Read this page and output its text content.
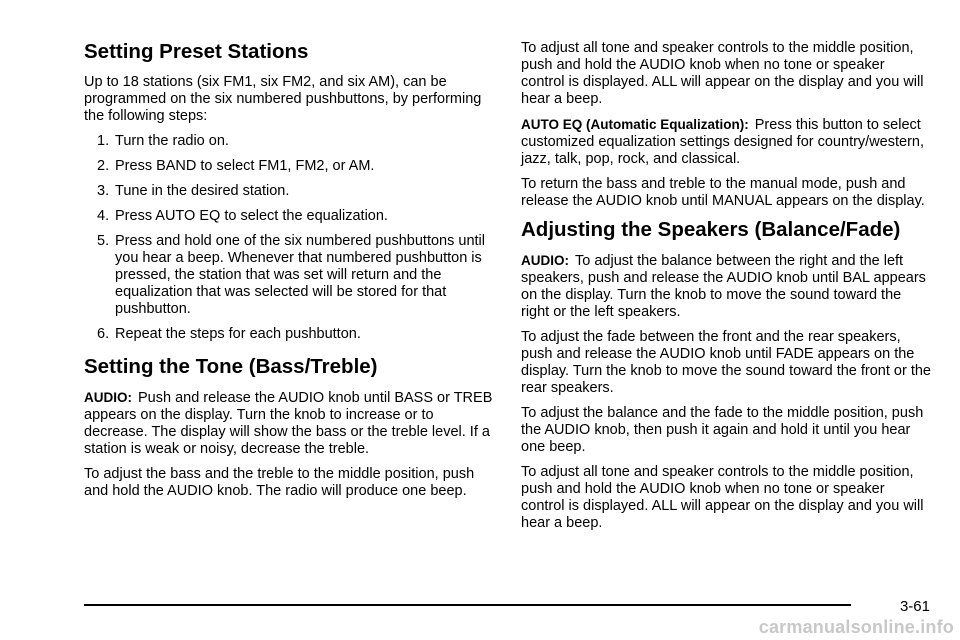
Setting Preset Stations

Up to 18 stations (six FM1, six FM2, and six AM), can be programmed on the six numbered pushbuttons, by performing the following steps:

1. Turn the radio on.
2. Press BAND to select FM1, FM2, or AM.
3. Tune in the desired station.
4. Press AUTO EQ to select the equalization.
5. Press and hold one of the six numbered pushbuttons until you hear a beep. Whenever that numbered pushbutton is pressed, the station that was set will return and the equalization that was selected will be stored for that pushbutton.
6. Repeat the steps for each pushbutton.
Setting the Tone (Bass/Treble)

AUDIO: Push and release the AUDIO knob until BASS or TREB appears on the display. Turn the knob to increase or to decrease. The display will show the bass or the treble level. If a station is weak or noisy, decrease the treble.

To adjust the bass and the treble to the middle position, push and hold the AUDIO knob. The radio will produce one beep.

To adjust all tone and speaker controls to the middle position, push and hold the AUDIO knob when no tone or speaker control is displayed. ALL will appear on the display and you will hear a beep.

AUTO EQ (Automatic Equalization): Press this button to select customized equalization settings designed for country/western, jazz, talk, pop, rock, and classical.

To return the bass and treble to the manual mode, push and release the AUDIO knob until MANUAL appears on the display.

Adjusting the Speakers (Balance/Fade)

AUDIO: To adjust the balance between the right and the left speakers, push and release the AUDIO knob until BAL appears on the display. Turn the knob to move the sound toward the right or the left speakers.

To adjust the fade between the front and the rear speakers, push and release the AUDIO knob until FADE appears on the display. Turn the knob to move the sound toward the front or the rear speakers.

To adjust the balance and the fade to the middle position, push the AUDIO knob, then push it again and hold it until you hear one beep.

To adjust all tone and speaker controls to the middle position, push and hold the AUDIO knob when no tone or speaker control is displayed. ALL will appear on the display and you will hear a beep.

3-61
carmanualsonline.info
